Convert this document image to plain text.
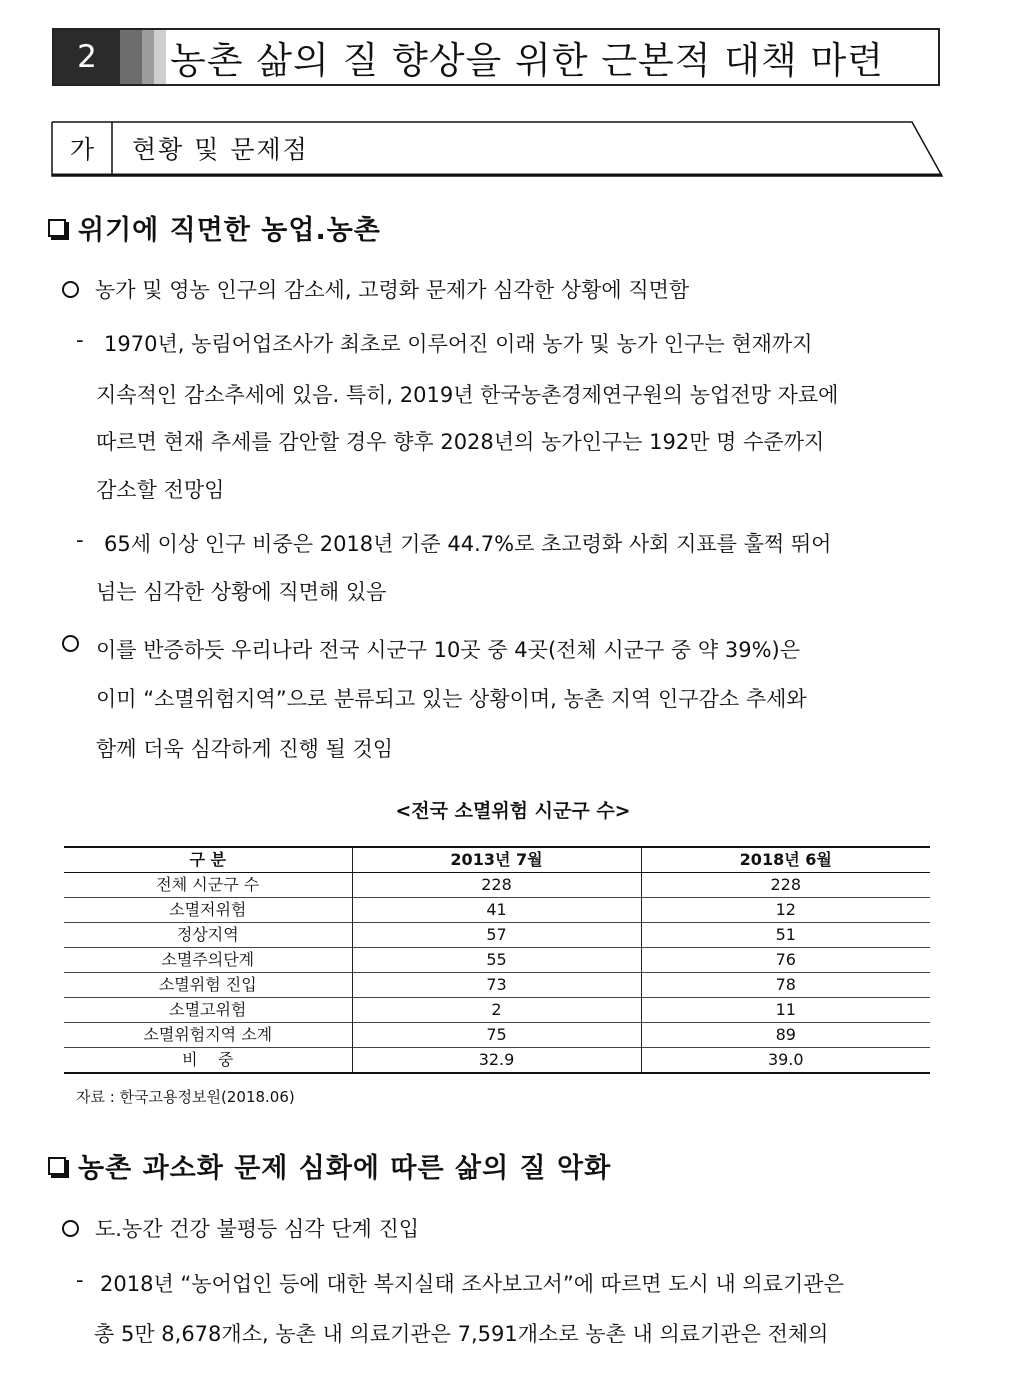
2	농촌 삶의 질 향상을 위한 근본적 대책 마련
가	현황 및 문제점
위기에 직면한 농업.농촌
농가 및 영농 인구의 감소세, 고령화 문제가 심각한 상황에 직면함
- 1970년, 농림어업조사가 최초로 이루어진 이래 농가 및 농가 인구는 현재까지
지속적인 감소추세에 있음. 특히, 2019년 한국농촌경제연구원의 농업전망 자료에
따르면 현재 추세를 감안할 경우 향후 2028년의 농가인구는 192만 명 수준까지
감소할 전망임
- 65세 이상 인구 비중은 2018년 기준 44.7%로 초고령화 사회 지표를 훌쩍 뛰어
넘는 심각한 상황에 직면해 있음
이를 반증하듯 우리나라 전국 시군구 10곳 중 4곳(전체 시군구 중 약 39%)은
이미 “소멸위험지역”으로 분류되고 있는 상황이며, 농촌 지역 인구감소 추세와
함께 더욱 심각하게 진행 될 것임
<전국 소멸위험 시군구 수>
구 분	2013년 7월	2018년 6월
전체 시군구 수	228	228
소멸저위험	41	12
정상지역	57	51
소멸주의단계	55	76
소멸위험 진입	73	78
소멸고위험	2	11
소멸위험지역 소계	75	89
비    중	32.9	39.0
자료 : 한국고용정보원(2018.06)
농촌 과소화 문제 심화에 따른 삶의 질 악화
도.농간 건강 불평등 심각 단계 진입
- 2018년 “농어업인 등에 대한 복지실태 조사보고서”에 따르면 도시 내 의료기관은
총 5만 8,678개소, 농촌 내 의료기관은 7,591개소로 농촌 내 의료기관은 전체의
